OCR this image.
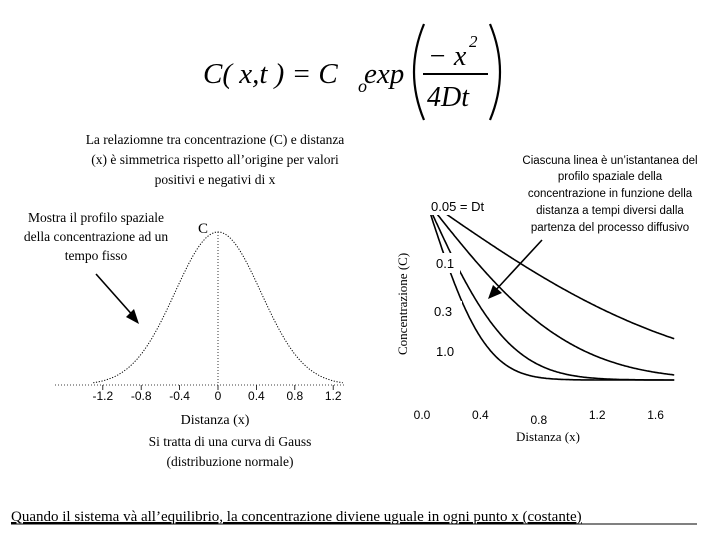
C( x,t ) = C o
exp
− x 2
4Dt
La relaziomne tra concentrazione (C) e distanza
(x) è simmetrica rispetto all’origine per valori
positivi e negativi di x
Mostra il profilo spaziale
della concentrazione ad un
tempo fisso
C
-1.2 -0.8 -0.4 0 0.4 0.8 1.2
Distanza (x)
Si tratta di una curva di Gauss
(distribuzione normale)
Concentrazione (C)
0.0	0.4	0.8	1.2	1.6
Distanza (x)
0.05 = Dt
0.1
0.3
1.0
Ciascuna linea è un’istantanea del
profilo spaziale della
concentrazione in funzione della
distanza a tempi diversi dalla
partenza del processo diffusivo
Quando il sistema và all’equilibrio, la concentrazione diviene uguale in ogni punto x (costante)
